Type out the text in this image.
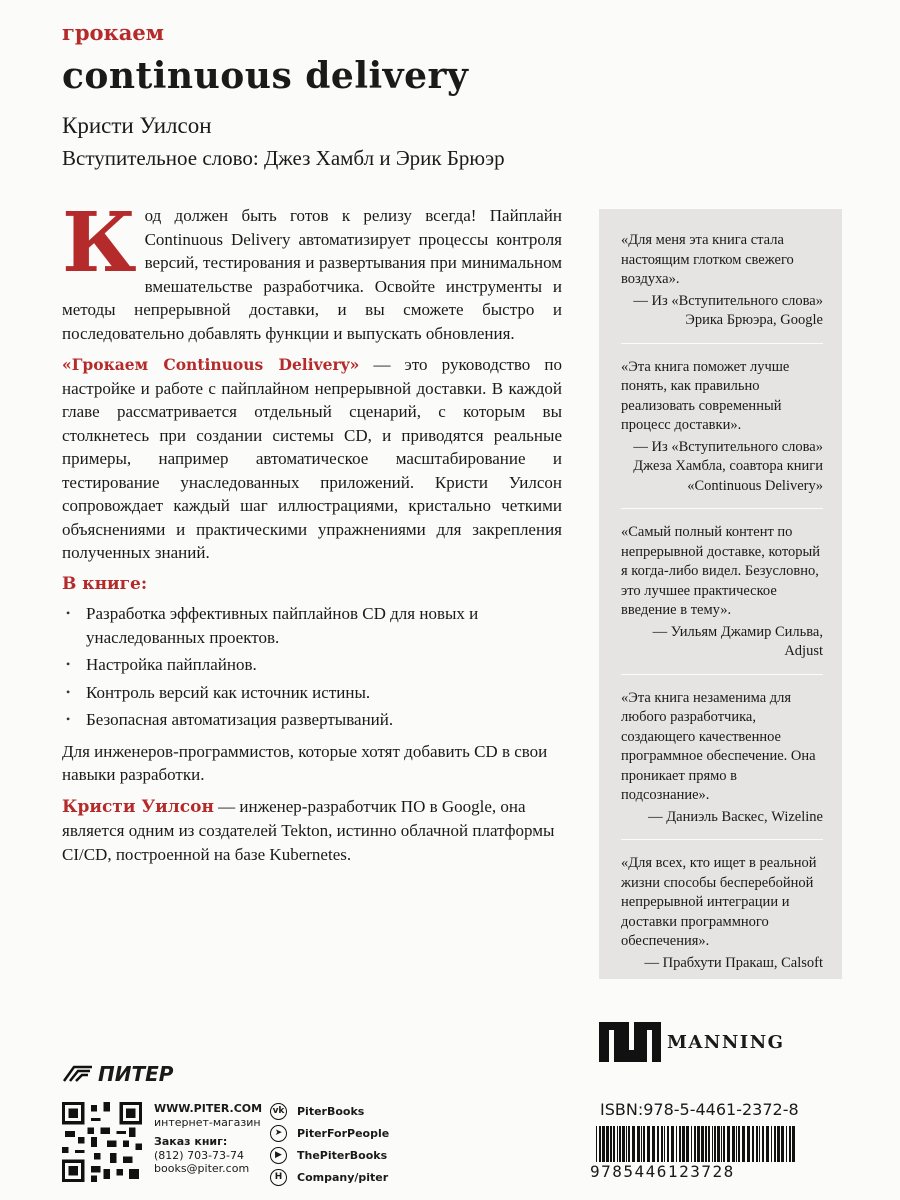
грокаем
continuous delivery
Кристи Уилсон
Вступительное слово: Джез Хамбл и Эрик Брюэр

Код должен быть готов к релизу всегда! Пайплайн Continuous Delivery автоматизирует процессы контроля версий, тестирования и развертывания при минимальном вмешательстве разработчика. Освойте инструменты и методы непрерывной доставки, и вы сможете быстро и последовательно добавлять функции и выпускать обновления.

«Грокаем Continuous Delivery» — это руководство по настройке и работе с пайплайном непрерывной доставки. В каждой главе рассматривается отдельный сценарий, с которым вы столкнетесь при создании системы CD, и приводятся реальные примеры, например автоматическое масштабирование и тестирование унаследованных приложений. Кристи Уилсон сопровождает каждый шаг иллюстрациями, кристально четкими объяснениями и практическими упражнениями для закрепления полученных знаний.

В книге:
• Разработка эффективных пайплайнов CD для новых и унаследованных проектов.
• Настройка пайплайнов.
• Контроль версий как источник истины.
• Безопасная автоматизация развертываний.

Для инженеров-программистов, которые хотят добавить CD в свои навыки разработки.

Кристи Уилсон — инженер-разработчик ПО в Google, она является одним из создателей Tekton, истинно облачной платформы CI/CD, построенной на базе Kubernetes.

«Для меня эта книга стала настоящим глотком свежего воздуха».
— Из «Вступительного слова» Эрика Брюэра, Google
«Эта книга поможет лучше понять, как правильно реализовать современный процесс доставки».
— Из «Вступительного слова» Джеза Хамбла, соавтора книги «Continuous Delivery»
«Самый полный контент по непрерывной доставке, который я когда-либо видел. Безусловно, это лучшее практическое введение в тему».
— Уильям Джамир Сильва, Adjust
«Эта книга незаменима для любого разработчика, создающего качественное программное обеспечение. Она проникает прямо в подсознание».
— Даниэль Васкес, Wizeline
«Для всех, кто ищет в реальной жизни способы бесперебойной непрерывной интеграции и доставки программного обеспечения».
— Прабхути Пракаш, Calsoft
MANNING
ПИТЕР
WWW.PITER.COM
интернет-магазин
Заказ книг:
(812) 703-73-74
books@piter.com
vk PiterBooks
➤	PiterForPeople
▶	ThePiterBooks
H	Company/piter
ISBN:978-5-4461-2372-8
9785446123728
